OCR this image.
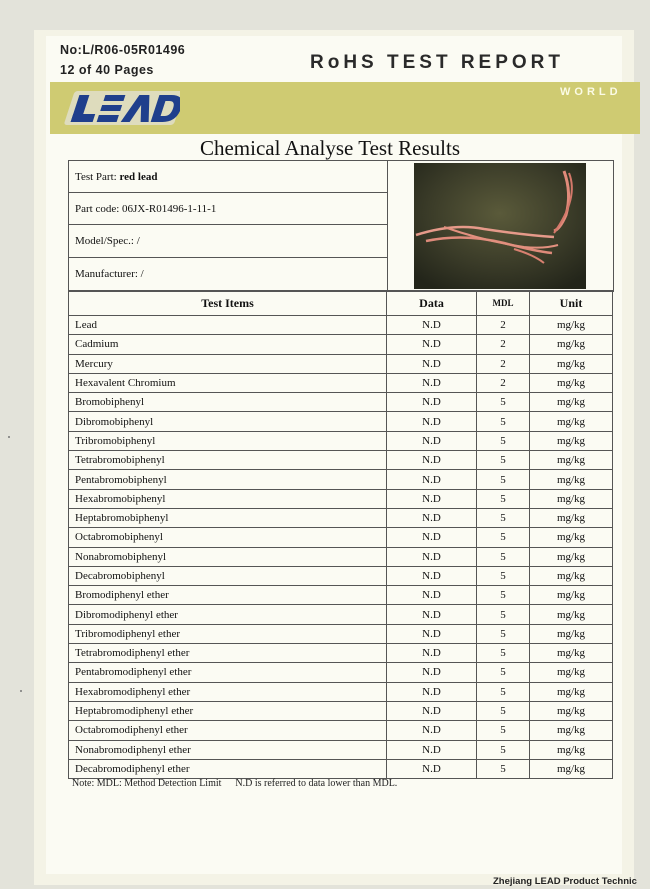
No:L/R06-05R01496
12 of 40 Pages	RoHS TEST REPORT
WORLD
Chemical Analyse Test Results
Test Part: red lead
Part code: 06JX-R01496-1-11-1
Model/Spec.: /
Manufacturer: /
Test Items	Data	MDL	Unit
Lead	N.D	2	mg/kg
Cadmium	N.D	2	mg/kg
Mercury	N.D	2	mg/kg
Hexavalent Chromium	N.D	2	mg/kg
Bromobiphenyl	N.D	5	mg/kg
Dibromobiphenyl	N.D	5	mg/kg
Tribromobiphenyl	N.D	5	mg/kg
Tetrabromobiphenyl	N.D	5	mg/kg
Pentabromobiphenyl	N.D	5	mg/kg
Hexabromobiphenyl	N.D	5	mg/kg
Heptabromobiphenyl	N.D	5	mg/kg
Octabromobiphenyl	N.D	5	mg/kg
Nonabromobiphenyl	N.D	5	mg/kg
Decabromobiphenyl	N.D	5	mg/kg
Bromodiphenyl ether	N.D	5	mg/kg
Dibromodiphenyl ether	N.D	5	mg/kg
Tribromodiphenyl ether	N.D	5	mg/kg
Tetrabromodiphenyl ether	N.D	5	mg/kg
Pentabromodiphenyl ether	N.D	5	mg/kg
Hexabromodiphenyl ether	N.D	5	mg/kg
Heptabromodiphenyl ether	N.D	5	mg/kg
Octabromodiphenyl ether	N.D	5	mg/kg
Nonabromodiphenyl ether	N.D	5	mg/kg
Decabromodiphenyl ether	N.D	5	mg/kg
Note: MDL: Method Detection Limit N.D is referred to data lower than MDL.
Zhejiang LEAD Product Technic
